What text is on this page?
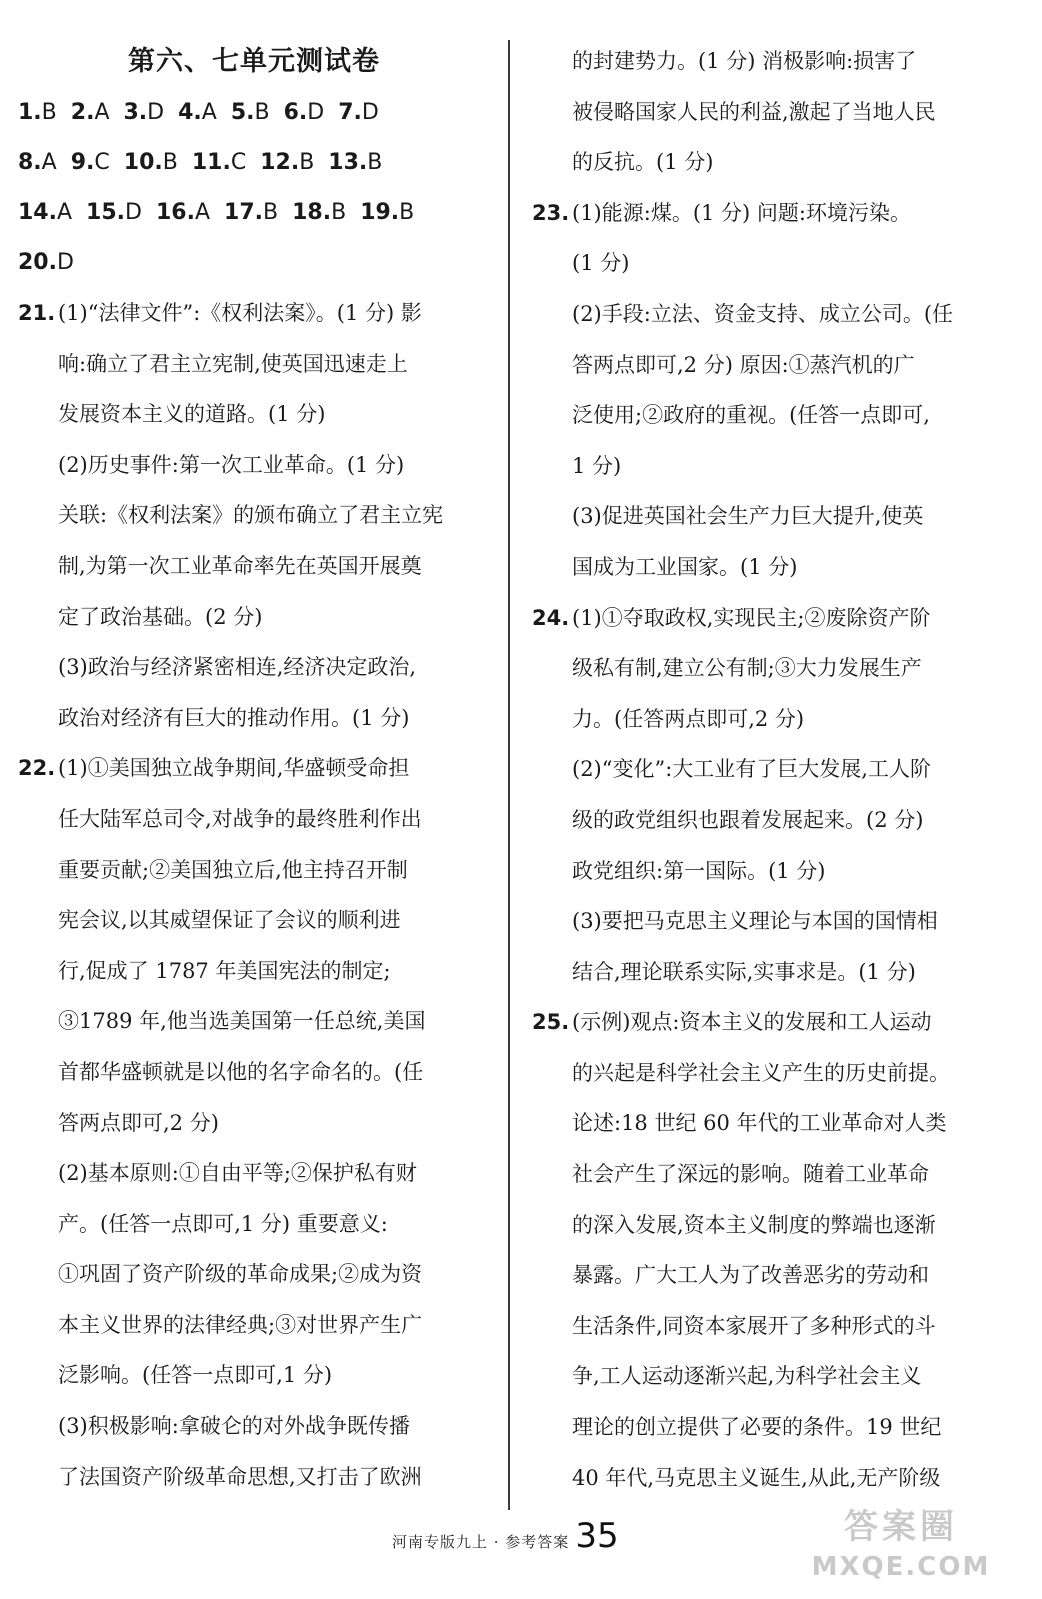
第六、七单元测试卷
1.B 2.A 3.D 4.A 5.B 6.D 7.D
8.A 9.C 10.B 11.C 12.B 13.B
14.A 15.D 16.A 17.B 18.B 19.B
20.D
21. (1)“法律文件”:《权利法案》。(1 分) 影
响:确立了君主立宪制,使英国迅速走上
发展资本主义的道路。(1 分)
(2)历史事件:第一次工业革命。(1 分)
关联:《权利法案》的颁布确立了君主立宪
制,为第一次工业革命率先在英国开展奠
定了政治基础。(2 分)
(3)政治与经济紧密相连,经济决定政治,
政治对经济有巨大的推动作用。(1 分)
22. (1)①美国独立战争期间,华盛顿受命担
任大陆军总司令,对战争的最终胜利作出
重要贡献;②美国独立后,他主持召开制
宪会议,以其威望保证了会议的顺利进
行,促成了 1787 年美国宪法的制定;
③1789 年,他当选美国第一任总统,美国
首都华盛顿就是以他的名字命名的。(任
答两点即可,2 分)
(2)基本原则:①自由平等;②保护私有财
产。(任答一点即可,1 分) 重要意义:
①巩固了资产阶级的革命成果;②成为资
本主义世界的法律经典;③对世界产生广
泛影响。(任答一点即可,1 分)
(3)积极影响:拿破仑的对外战争既传播
了法国资产阶级革命思想,又打击了欧洲
的封建势力。(1 分) 消极影响:损害了
被侵略国家人民的利益,激起了当地人民
的反抗。(1 分)
23. (1)能源:煤。(1 分) 问题:环境污染。
(1 分)
(2)手段:立法、资金支持、成立公司。(任
答两点即可,2 分) 原因:①蒸汽机的广
泛使用;②政府的重视。(任答一点即可,
1 分)
(3)促进英国社会生产力巨大提升,使英
国成为工业国家。(1 分)
24. (1)①夺取政权,实现民主;②废除资产阶
级私有制,建立公有制;③大力发展生产
力。(任答两点即可,2 分)
(2)“变化”:大工业有了巨大发展,工人阶
级的政党组织也跟着发展起来。(2 分)
政党组织:第一国际。(1 分)
(3)要把马克思主义理论与本国的国情相
结合,理论联系实际,实事求是。(1 分)
25. (示例)观点:资本主义的发展和工人运动
的兴起是科学社会主义产生的历史前提。
论述:18 世纪 60 年代的工业革命对人类
社会产生了深远的影响。随着工业革命
的深入发展,资本主义制度的弊端也逐渐
暴露。广大工人为了改善恶劣的劳动和
生活条件,同资本家展开了多种形式的斗
争,工人运动逐渐兴起,为科学社会主义
理论的创立提供了必要的条件。19 世纪
40 年代,马克思主义诞生,从此,无产阶级
河南专版九上 · 参考答案 35	答案圈
MXQE.COM
